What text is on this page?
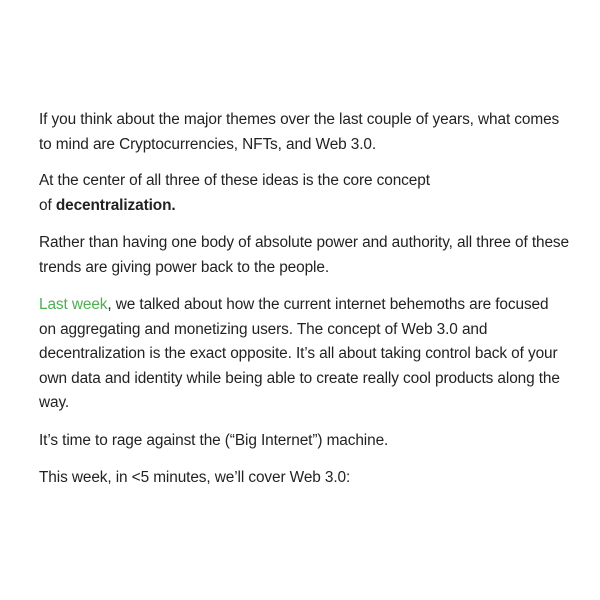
If you think about the major themes over the last couple of years, what comes to mind are Cryptocurrencies, NFTs, and Web 3.0.

At the center of all three of these ideas is the core concept
of decentralization.

Rather than having one body of absolute power and authority, all three of these trends are giving power back to the people.

Last week, we talked about how the current internet behemoths are focused on aggregating and monetizing users. The concept of Web 3.0 and decentralization is the exact opposite. It’s all about taking control back of your own data and identity while being able to create really cool products along the way.

It’s time to rage against the (“Big Internet”) machine.

This week, in <5 minutes, we’ll cover Web 3.0:
